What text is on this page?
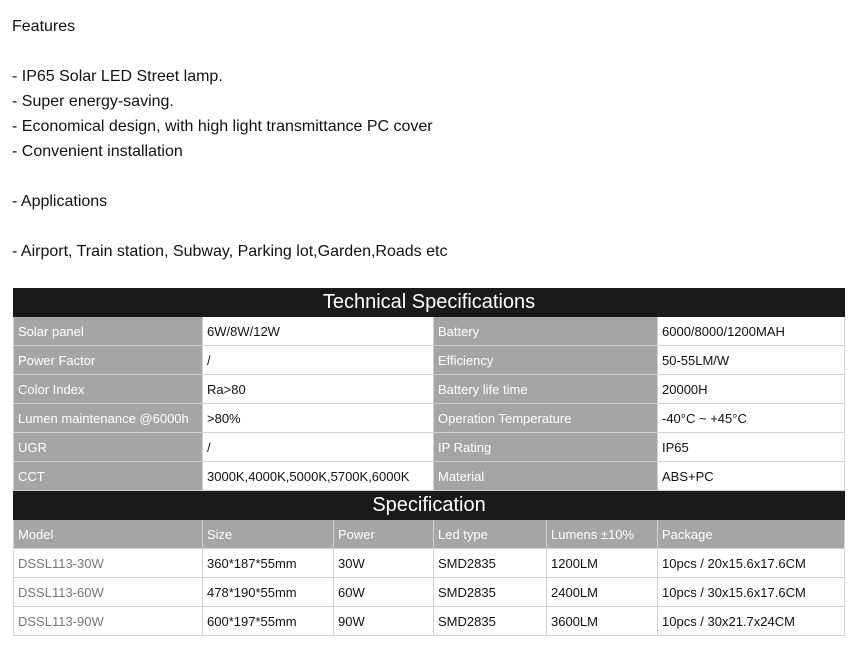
Features
- IP65 Solar LED Street lamp.
- Super energy-saving.
- Economical design, with high light transmittance PC cover
- Convenient installation
- Applications
- Airport, Train station, Subway, Parking lot,Garden,Roads etc
Technical Specifications			
Solar panel	6W/8W/12W	Battery	6000/8000/1200MAH
Power Factor	/	Efficiency	50-55LM/W
Color Index	Ra>80	Battery life time	20000H
Lumen maintenance @6000h	>80%	Operation Temperature	-40°C ~ +45°C
UGR	/	IP Rating	IP65
CCT	3000K,4000K,5000K,5700K,6000K	Material	ABS+PC
Specification					
Model	Size	Power	Led type	Lumens ±10%	Package
DSSL113-30W	360*187*55mm	30W	SMD2835	1200LM	10pcs / 20x15.6x17.6CM
DSSL113-60W	478*190*55mm	60W	SMD2835	2400LM	10pcs / 30x15.6x17.6CM
DSSL113-90W	600*197*55mm	90W	SMD2835	3600LM	10pcs / 30x21.7x24CM
